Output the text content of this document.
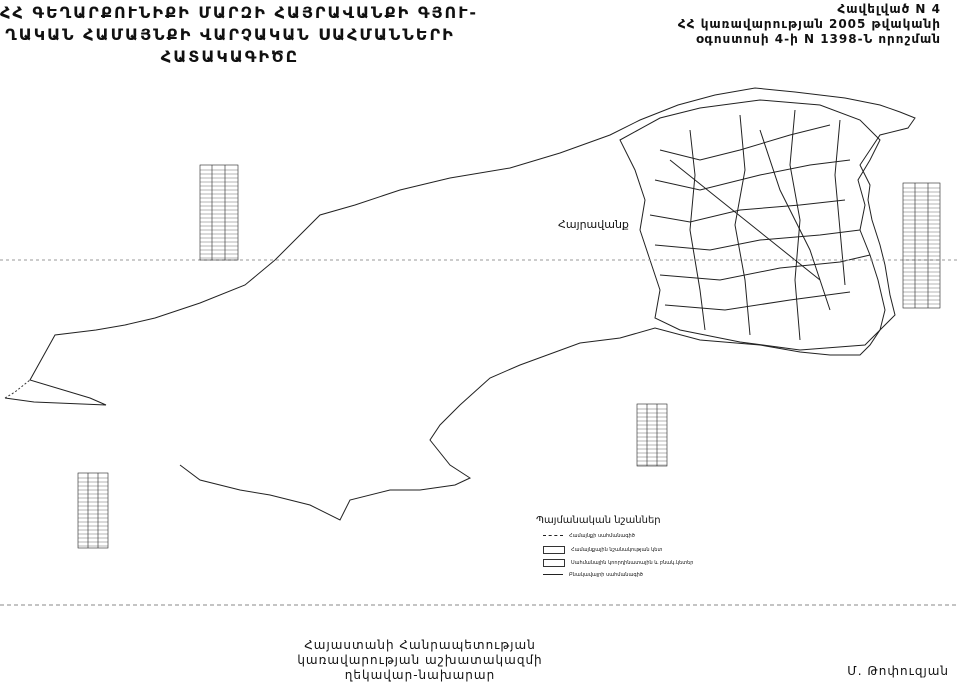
ՀՀ ԳԵՂԱՐՔՈՒՆԻՔԻ ՄԱՐԶԻ ՀԱՅՐԱՎԱՆՔԻ ԳՅՈՒ-
ՂԱԿԱՆ ՀԱՄԱՅՆՔԻ ՎԱՐՉԱԿԱՆ ՍԱՀՄԱՆՆԵՐԻ
ՀԱՏԱԿԱԳԻԾԸ
Հավելված N 4
ՀՀ կառավարության 2005 թվականի
օգոստոսի 4-ի N 1398-Ն որոշման
Հայրավանք
Պայմանական նշաններ
Համայնքի սահմանագիծ
Համայնքային նշանակության կետ
Սահմանային կոորդինատային և բնակ.կետեր
Բնակավայրի սահմանագիծ
Հայաստանի Հանրապետության
կառավարության աշխատակազմի
ղեկավար-նախարար	Մ. Թոփուզյան
